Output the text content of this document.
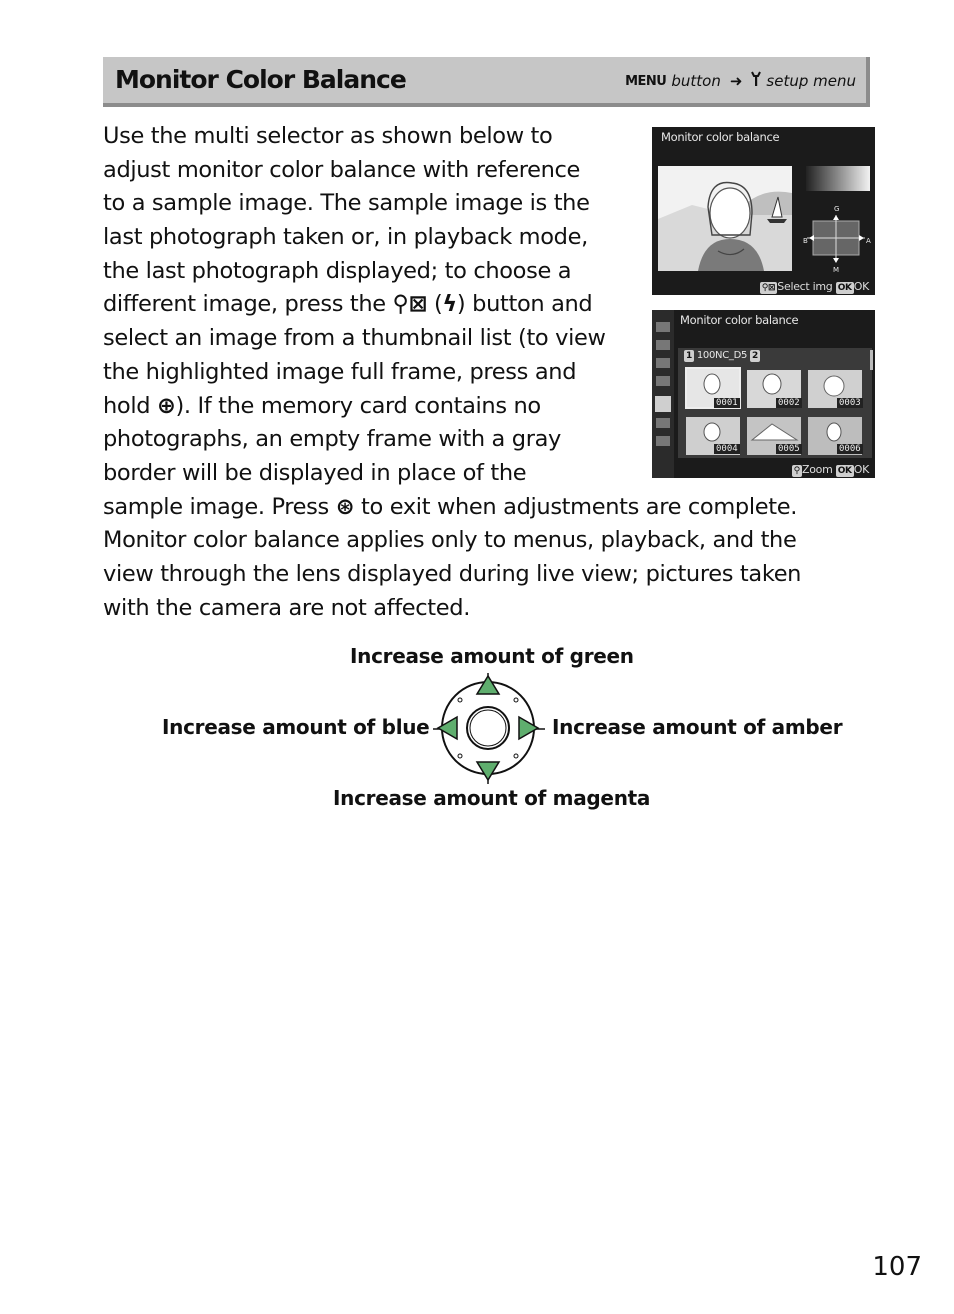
Monitor Color Balance	MENU button ➜ setup menu
Use the multi selector as shown below to
adjust monitor color balance with reference
to a sample image. The sample image is the
last photograph taken or, in playback mode,
the last photograph displayed; to choose a
different image, press the ⚲⊠ (ϟ) button and
select an image from a thumbnail list (to view
the highlighted image full frame, press and
hold ⊕). If the memory card contains no
photographs, an empty frame with a gray
border will be displayed in place of the
sample image. Press ⊛ to exit when adjustments are complete.
Monitor color balance applies only to menus, playback, and the
view through the lens displayed during live view; pictures taken
with the camera are not affected.
Monitor color balance
G
B	A
M
⚲⊠ Select img OK OK
Monitor color balance
1 100NC_D5 2
0001	0002	0003
0004	0005	0006
⚲ Zoom OK OK
Increase amount of green
Increase amount of blue	Increase amount of amber
Increase amount of magenta
107
